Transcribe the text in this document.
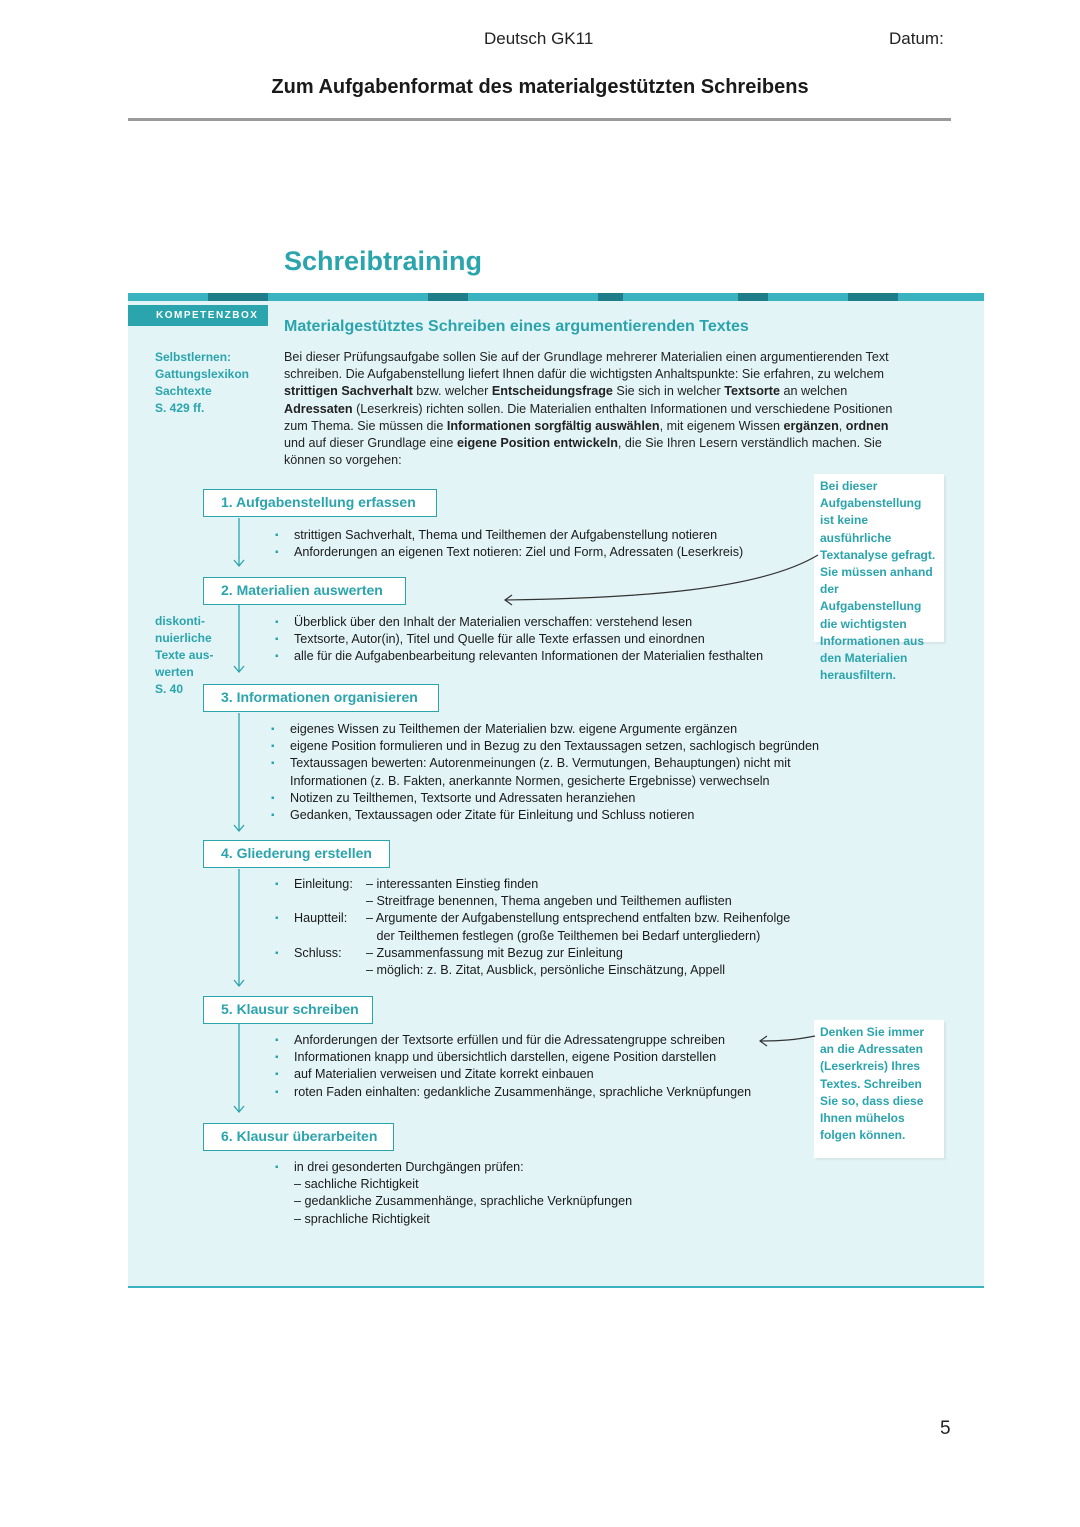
Deutsch GK11	Datum:
Zum Aufgabenformat des materialgestützten Schreibens
Schreibtraining
KOMPETENZBOX
Materialgestütztes Schreiben eines argumentierenden Textes
Selbstlernen:
Gattungslexikon
Sachtexte
S. 429 ff.
diskonti-
nuierliche
Texte aus-
werten
S. 40
Bei dieser Prüfungsaufgabe sollen Sie auf der Grundlage mehrerer Materialien einen argumentierenden Text schreiben. Die Aufgabenstellung liefert Ihnen dafür die wichtigsten Anhaltspunkte: Sie erfahren, zu welchem strittigen Sachverhalt bzw. welcher Entscheidungsfrage Sie sich in welcher Textsorte an welchen Adressaten (Leserkreis) richten sollen. Die Materialien enthalten Informationen und verschiedene Positionen zum Thema. Sie müssen die Informationen sorgfältig auswählen, mit eigenem Wissen ergänzen, ordnen und auf dieser Grundlage eine eigene Position entwickeln, die Sie Ihren Lesern verständlich machen. Sie können so vorgehen:
Bei dieser Aufgabenstellung ist keine ausführliche Textanalyse gefragt. Sie müssen anhand der Aufgabenstellung die wichtigsten Informationen aus den Materialien herausfiltern.
Denken Sie immer an die Adressaten (Leserkreis) Ihres Textes. Schreiben Sie so, dass diese Ihnen mühelos folgen können.
1. Aufgabenstellung erfassen
▪ strittigen Sachverhalt, Thema und Teilthemen der Aufgabenstellung notieren
▪ Anforderungen an eigenen Text notieren: Ziel und Form, Adressaten (Leserkreis)
2. Materialien auswerten
▪ Überblick über den Inhalt der Materialien verschaffen: verstehend lesen
▪ Textsorte, Autor(in), Titel und Quelle für alle Texte erfassen und einordnen
▪ alle für die Aufgabenbearbeitung relevanten Informationen der Materialien festhalten
3. Informationen organisieren
▪ eigenes Wissen zu Teilthemen der Materialien bzw. eigene Argumente ergänzen
▪ eigene Position formulieren und in Bezug zu den Textaussagen setzen, sachlogisch begründen
▪ Textaussagen bewerten: Autorenmeinungen (z. B. Vermutungen, Behauptungen) nicht mit Informationen (z. B. Fakten, anerkannte Normen, gesicherte Ergebnisse) verwechseln
▪ Notizen zu Teilthemen, Textsorte und Adressaten heranziehen
▪ Gedanken, Textaussagen oder Zitate für Einleitung und Schluss notieren
4. Gliederung erstellen
▪ Einleitung:	– interessanten Einstieg finden
– Streitfrage benennen, Thema angeben und Teilthemen auflisten
▪ Hauptteil:	– Argumente der Aufgabenstellung entsprechend entfalten bzw. Reihenfolge
der Teilthemen festlegen (große Teilthemen bei Bedarf untergliedern)
▪ Schluss:	– Zusammenfassung mit Bezug zur Einleitung
– möglich: z. B. Zitat, Ausblick, persönliche Einschätzung, Appell
5. Klausur schreiben
▪ Anforderungen der Textsorte erfüllen und für die Adressatengruppe schreiben
▪ Informationen knapp und übersichtlich darstellen, eigene Position darstellen
▪ auf Materialien verweisen und Zitate korrekt einbauen
▪ roten Faden einhalten: gedankliche Zusammenhänge, sprachliche Verknüpfungen
6. Klausur überarbeiten
▪ in drei gesonderten Durchgängen prüfen:
– sachliche Richtigkeit
– gedankliche Zusammenhänge, sprachliche Verknüpfungen
– sprachliche Richtigkeit
5
